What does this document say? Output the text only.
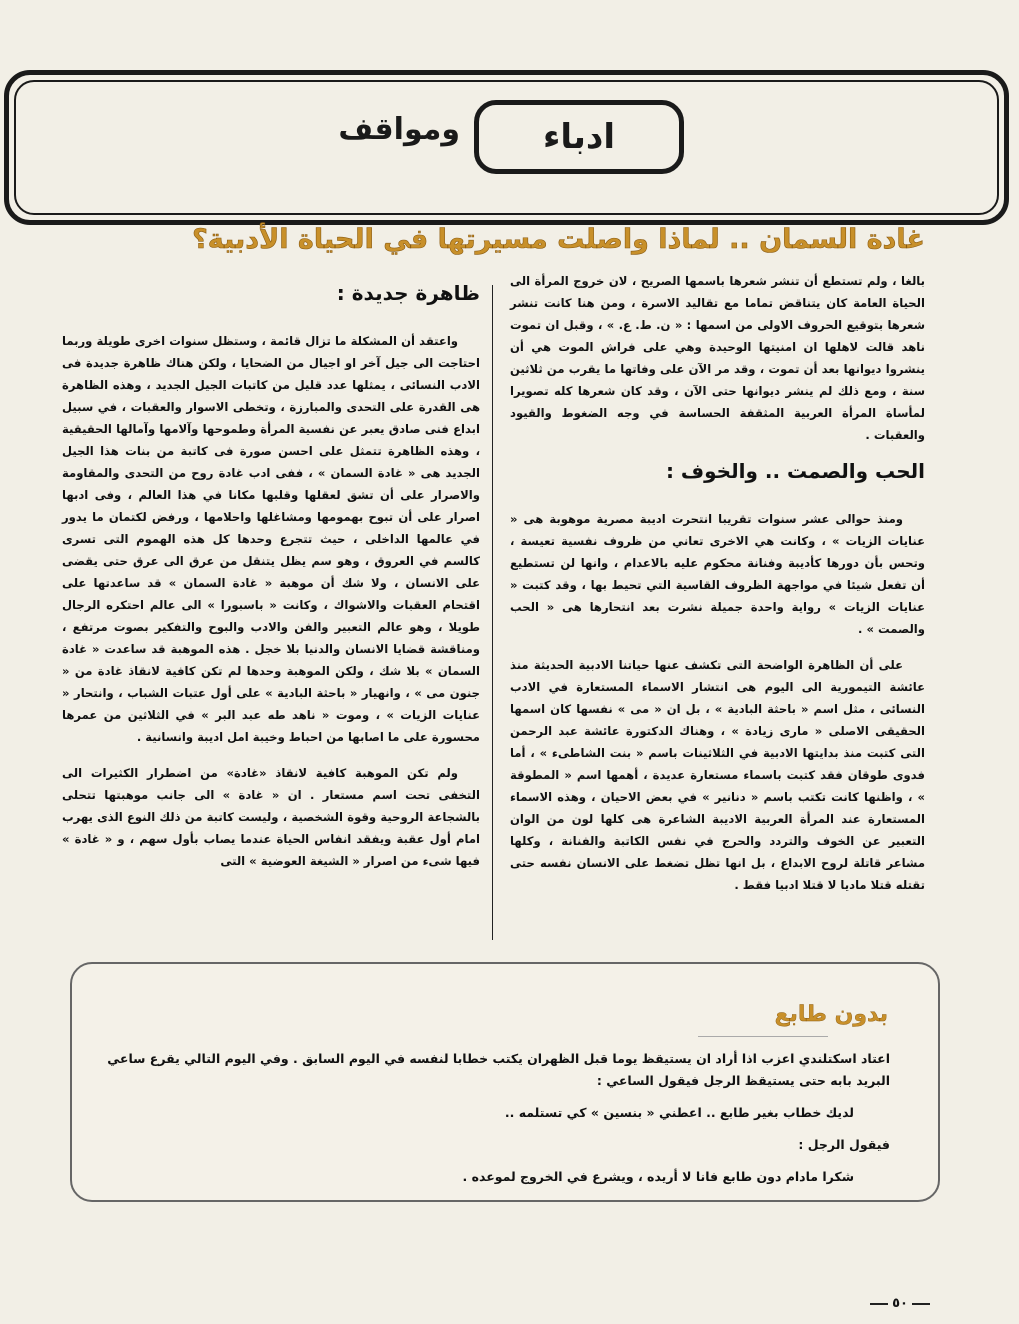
ادباء
ومواقف
غادة السمان .. لماذا واصلت مسيرتها في الحياة الأدبية؟

بالغا ، ولم تستطع أن تنشر شعرها باسمها الصريح ، لان خروج المرأة الى الحياة العامة كان يتناقض تماما مع تقاليد الاسرة ، ومن هنا كانت تنشر شعرها بتوقيع الحروف الاولى من اسمها : « ن. ط. ع. » ، وقبل ان تموت ناهد قالت لاهلها ان امنيتها الوحيدة وهي على فراش الموت هي أن ينشروا ديوانها بعد أن تموت ، وقد مر الآن على وفاتها ما يقرب من ثلاثين سنة ، ومع ذلك لم ينشر ديوانها حتى الآن ، وقد كان شعرها كله تصويرا لمأساة المرأة العربية المثقفة الحساسة في وجه الضغوط والقيود والعقبات .

الحب والصمت .. والخوف :

ومنذ حوالى عشر سنوات تقريبا انتحرت اديبة مصرية موهوبة هى « عنايات الزيات » ، وكانت هي الاخرى تعاني من ظروف نفسية تعيسة ، وتحس بأن دورها كأديبة وفنانة محكوم عليه بالاعدام ، وانها لن تستطيع أن تفعل شيئا في مواجهة الظروف القاسية التي تحيط بها ، وقد كتبت « عنايات الزيات » رواية واحدة جميلة نشرت بعد انتحارها هى « الحب والصمت » .

على أن الظاهرة الواضحة التى تكشف عنها حياتنا الادبية الحديثة منذ عائشة التيمورية الى اليوم هى انتشار الاسماء المستعارة في الادب النسائى ، مثل اسم « باحثة البادية » ، بل ان « مى » نفسها كان اسمها الحقيقى الاصلى « مارى زيادة » ، وهناك الدكتورة عائشة عبد الرحمن التى كتبت منذ بدايتها الادبية في الثلاثينات باسم « بنت الشاطىء » ، أما فدوى طوقان فقد كتبت باسماء مستعارة عديدة ، أهمها اسم « المطوقة » ، واظنها كانت تكتب باسم « دنانير » في بعض الاحيان ، وهذه الاسماء المستعارة عند المرأة العربية الاديبة الشاعرة هى كلها لون من الوان التعبير عن الخوف والتردد والحرج في نفس الكاتبة والفنانة ، وكلها مشاعر قاتلة لروح الابداع ، بل انها تظل تضغط على الانسان نفسه حتى تقتله قتلا ماديا لا قتلا ادبيا فقط .

ظاهرة جديدة :

واعتقد أن المشكلة ما تزال قائمة ، وستظل سنوات اخرى طويلة وربما احتاجت الى جيل آخر او اجيال من الضحايا ، ولكن هناك ظاهرة جديدة فى الادب النسائى ، يمثلها عدد قليل من كاتبات الجيل الجديد ، وهذه الظاهرة هى القدرة على التحدى والمبارزة ، وتخطى الاسوار والعقبات ، في سبيل ابداع فنى صادق يعبر عن نفسية المرأة وطموحها وآلامها وآمالها الحقيقية ، وهذه الظاهرة تتمثل على احسن صورة فى كاتبة من بنات هذا الجيل الجديد هى « غادة السمان » ، ففى ادب غادة روح من التحدى والمقاومة والاصرار على أن تشق لعقلها وقلبها مكانا في هذا العالم ، وفى ادبها اصرار على أن تبوح بهمومها ومشاغلها واحلامها ، ورفض لكتمان ما يدور في عالمها الداخلى ، حيث تتجرع وحدها كل هذه الهموم التى تسرى كالسم في العروق ، وهو سم يظل يتنقل من عرق الى عرق حتى يقضى على الانسان ، ولا شك أن موهبة « غادة السمان » قد ساعدتها على اقتحام العقبات والاشواك ، وكانت « باسبورا » الى عالم احتكره الرجال طويلا ، وهو عالم التعبير والفن والادب والبوح والتفكير بصوت مرتفع ، ومناقشة قضايا الانسان والدنيا بلا خجل . هذه الموهبة قد ساعدت « غادة السمان » بلا شك ، ولكن الموهبة وحدها لم تكن كافية لانقاذ غادة من « جنون مى » ، وانهيار « باحثة البادية » على أول عتبات الشباب ، وانتحار « عنايات الزيات » ، وموت « ناهد طه عبد البر » في الثلاثين من عمرها محسورة على ما اصابها من احباط وخيبة امل اديبة وانسانية .

ولم تكن الموهبة كافية لانقاذ «غادة» من اضطرار الكثيرات الى التخفى تحت اسم مستعار . ان « غادة » الى جانب موهبتها تتحلى بالشجاعة الروحية وقوة الشخصية ، وليست كاتبة من ذلك النوع الذى يهرب امام أول عقبة ويفقد انفاس الحياة عندما يصاب بأول سهم ، و « غادة » فيها شىء من اصرار « الشيغة العوضية » التى

بدون طابع

اعتاد اسكتلندي اعزب اذا أراد ان يستيقظ يوما قبل الظهران يكتب خطابا لنفسه في اليوم السابق . وفي اليوم التالي يقرع ساعي البريد بابه حتى يستيقظ الرجل فيقول الساعي :

لديك خطاب بغير طابع .. اعطني « بنسين » كي تستلمه ..

فيقول الرجل :

شكرا مادام دون طابع فانا لا أريده ، ويشرع في الخروج لموعده .

٥٠
